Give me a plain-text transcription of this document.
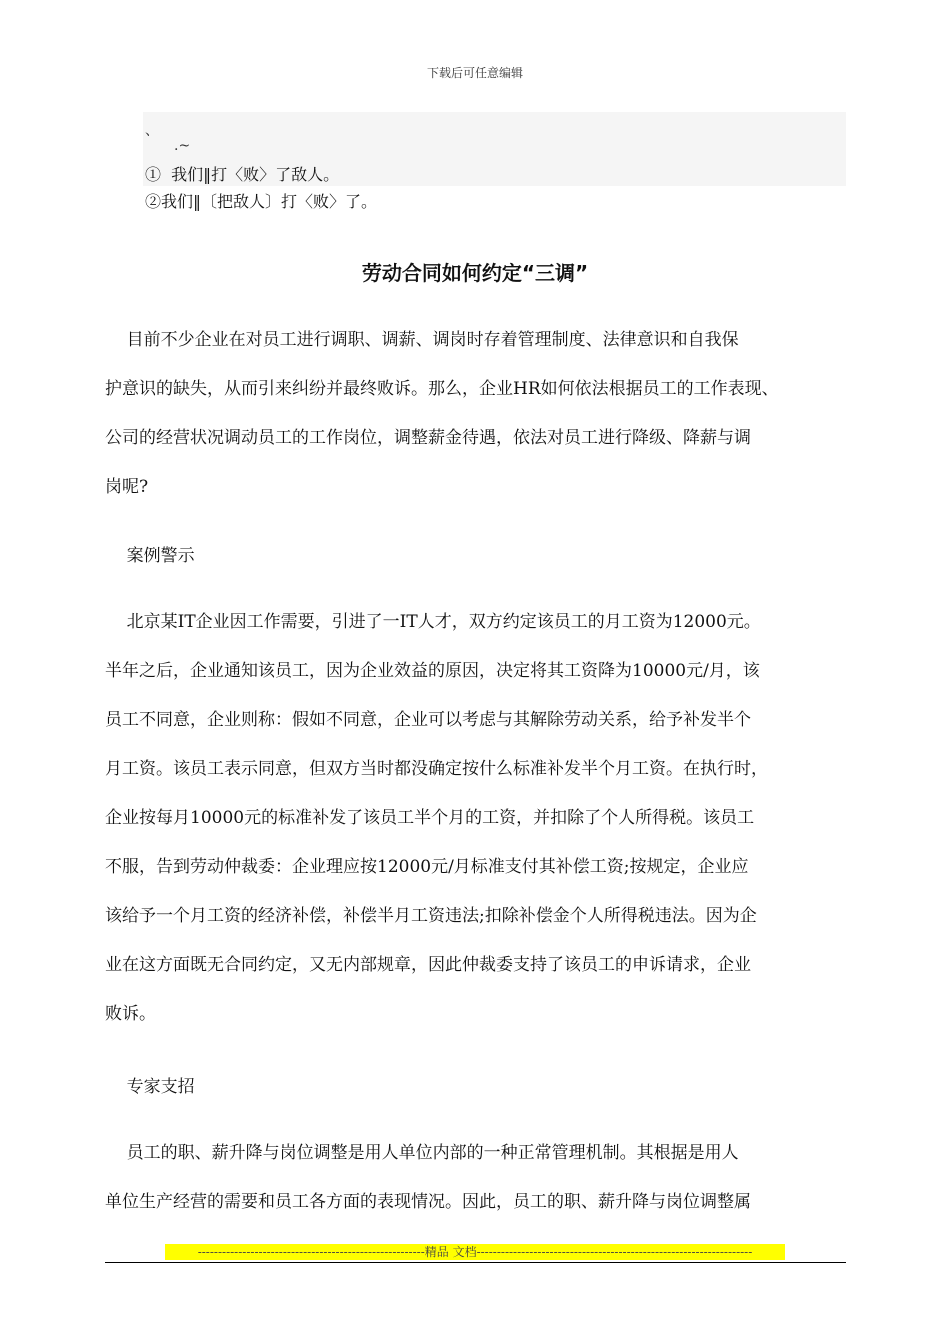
下载后可任意编辑
、
.~
①  我们‖打〈败〉了敌人。
②我们‖〔把敌人〕打〈败〉了。
劳动合同如何约定“三调”
目前不少企业在对员工进行调职、调薪、调岗时存着管理制度、法律意识和自我保
护意识的缺失，从而引来纠纷并最终败诉。那么，企业HR如何依法根据员工的工作表现、
公司的经营状况调动员工的工作岗位，调整薪金待遇，依法对员工进行降级、降薪与调
岗呢?
案例警示
北京某IT企业因工作需要，引进了一IT人才，双方约定该员工的月工资为12000元。
半年之后，企业通知该员工，因为企业效益的原因，决定将其工资降为10000元/月，该
员工不同意，企业则称：假如不同意，企业可以考虑与其解除劳动关系，给予补发半个
月工资。该员工表示同意，但双方当时都没确定按什么标准补发半个月工资。在执行时，
企业按每月10000元的标准补发了该员工半个月的工资，并扣除了个人所得税。该员工
不服，告到劳动仲裁委：企业理应按12000元/月标准支付其补偿工资;按规定，企业应
该给予一个月工资的经济补偿，补偿半月工资违法;扣除补偿金个人所得税违法。因为企
业在这方面既无合同约定，又无内部规章，因此仲裁委支持了该员工的申诉请求，企业
败诉。
专家支招
员工的职、薪升降与岗位调整是用人单位内部的一种正常管理机制。其根据是用人
单位生产经营的需要和员工各方面的表现情况。因此，员工的职、薪升降与岗位调整属
--------------------------------------------------------精品 文档--------------------------------------------------------------------
